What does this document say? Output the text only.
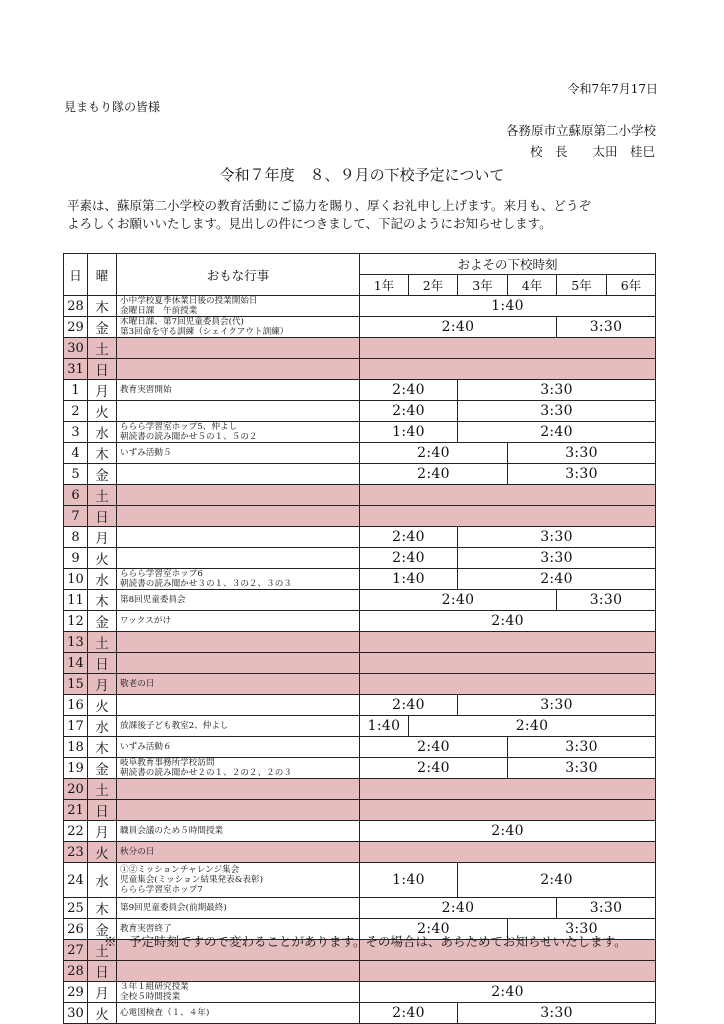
令和7年7月17日
見まもり隊の皆様
各務原市立蘇原第二小学校
校　長　　太田　桂巳
令和７年度　８、９月の下校予定について
平素は、蘇原第二小学校の教育活動にご協力を賜り、厚くお礼申し上げます。来月も、どうぞ
よろしくお願いいたします。見出しの件につきまして、下記のようにお知らせします。
日	曜	おもな行事	およその下校時刻					
			1年	2年	3年	4年	5年	6年
28	木	小中学校夏季休業日後の授業開始日
金曜日課　午前授業	1:40					
29	金	木曜日課、第7回児童委員会(代)
第3回命を守る訓練（シェイクアウト訓練）	2:40				3:30	
30	土							
31	日							
1	月	教育実習開始	2:40		3:30			
2	火		2:40		3:30			
3	水	ららら学習室ホップ5、仲よし
朝読書の読み聞かせ５の１、５の２	1:40		2:40			
4	木	いずみ活動５	2:40			3:30		
5	金		2:40			3:30		
6	土							
7	日							
8	月		2:40		3:30			
9	火		2:40		3:30			
10	水	ららら学習室ホップ6
朝読書の読み聞かせ３の１、３の２、３の３	1:40		2:40			
11	木	第8回児童委員会	2:40				3:30	
12	金	ワックスがけ	2:40					
13	土							
14	日							
15	月	敬老の日						
16	火		2:40		3:30			
17	水	放課後子ども教室2、仲よし	1:40	2:40				
18	木	いずみ活動６	2:40			3:30		
19	金	岐阜教育事務所学校訪問
朝読書の読み聞かせ２の１、２の２、２の３	2:40			3:30		
20	土							
21	日							
22	月	職員会議のため５時間授業	2:40					
23	火	秋分の日						
24	水	①②ミッションチャレンジ集会
児童集会(ミッション結果発表&表彰)
ららら学習室ホップ7	1:40		2:40			
25	木	第9回児童委員会(前期最終)	2:40				3:30	
26	金	教育実習終了	2:40			3:30		
27	土							
28	日							
29	月	３年１組研究授業
全校５時間授業	2:40					
30	火	心電図検査（１、４年)	2:40		3:30			
※　予定時刻ですので変わることがあります。その場合は、あらためてお知らせいたします。
